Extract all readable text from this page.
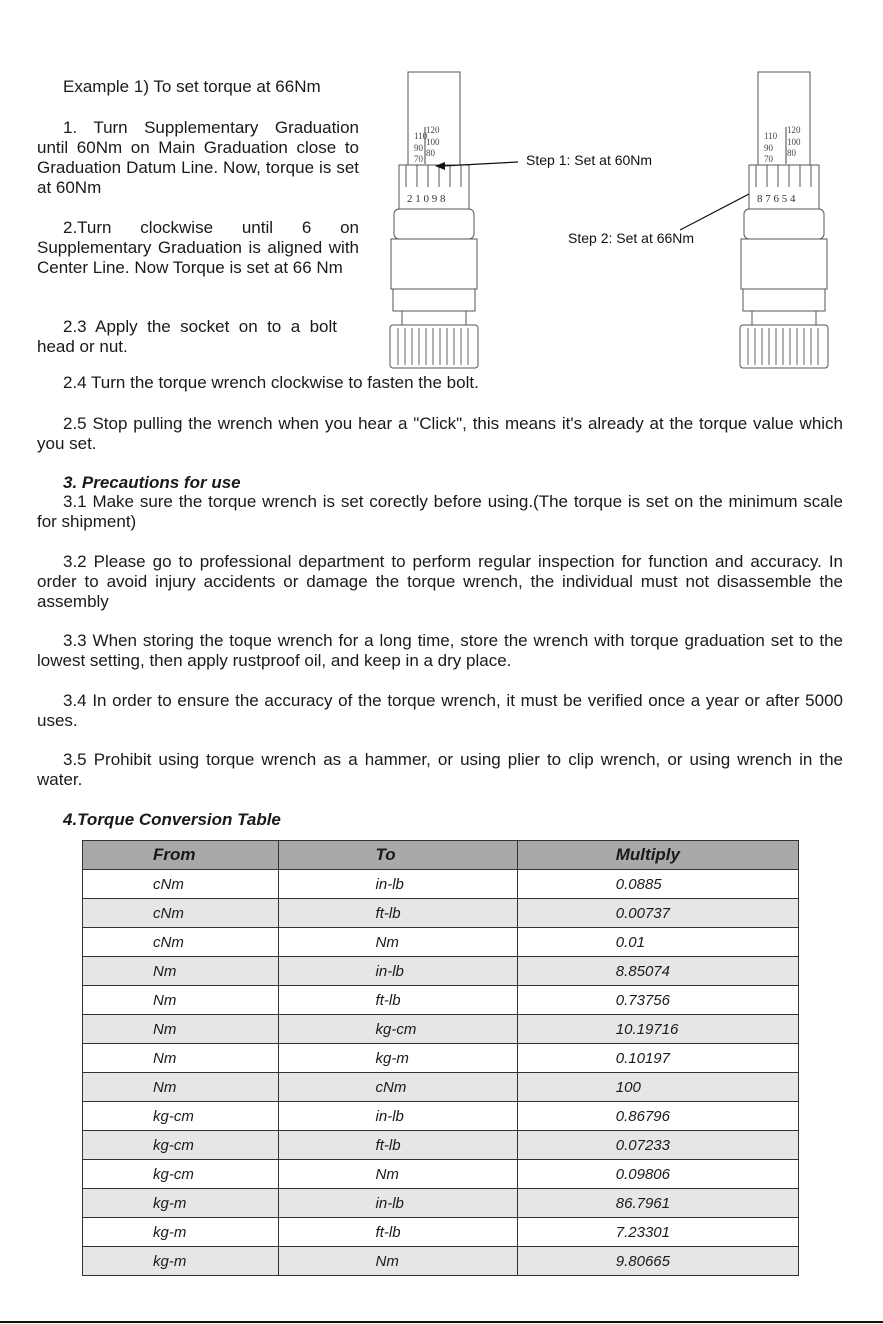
Example 1) To set torque at 66Nm

1. Turn Supplementary Graduation until 60Nm on Main Graduation close to Graduation Datum Line. Now, torque is set at 60Nm

2.Turn clockwise until 6 on Supplementary Graduation is aligned with Center Line. Now Torque is set at 66 Nm

2.3 Apply the socket on to a bolt head or nut.

120
110
100
90 80
70
2 1 0 9 8
Step 1: Set at 60Nm
Step 2: Set at 66Nm
120
110
100
90 80
70
8 7 6 5 4

2.4 Turn the torque wrench clockwise to fasten the bolt.

2.5 Stop pulling the wrench when you hear a "Click", this means it's already at the torque value which you set.

3. Precautions for use

3.1 Make sure the torque wrench is set corectly before using.(The torque is set on the minimum scale for shipment)

3.2 Please go to professional department to perform regular inspection for function and accuracy. In order to avoid injury accidents or damage the torque wrench, the individual must not disassemble the assembly

3.3 When storing the toque wrench for a long time, store the wrench with torque graduation set to the lowest setting, then apply rustproof oil, and keep in a dry place.

3.4 In order to ensure the accuracy of the torque wrench, it must be verified once a year or after 5000 uses.

3.5 Prohibit using torque wrench as a hammer, or using plier to clip wrench, or using wrench in the water.

4.Torque Conversion Table

From	To	Multiply

cNm	in-lb	0.0885

cNm	ft-lb	0.00737

cNm	Nm	0.01

Nm	in-lb	8.85074

Nm	ft-lb	0.73756

Nm	kg-cm	10.19716

Nm	kg-m	0.10197

Nm	cNm	100

kg-cm	in-lb	0.86796

kg-cm	ft-lb	0.07233

kg-cm	Nm	0.09806

kg-m	in-lb	86.7961

kg-m	ft-lb	7.23301

kg-m	Nm	9.80665
